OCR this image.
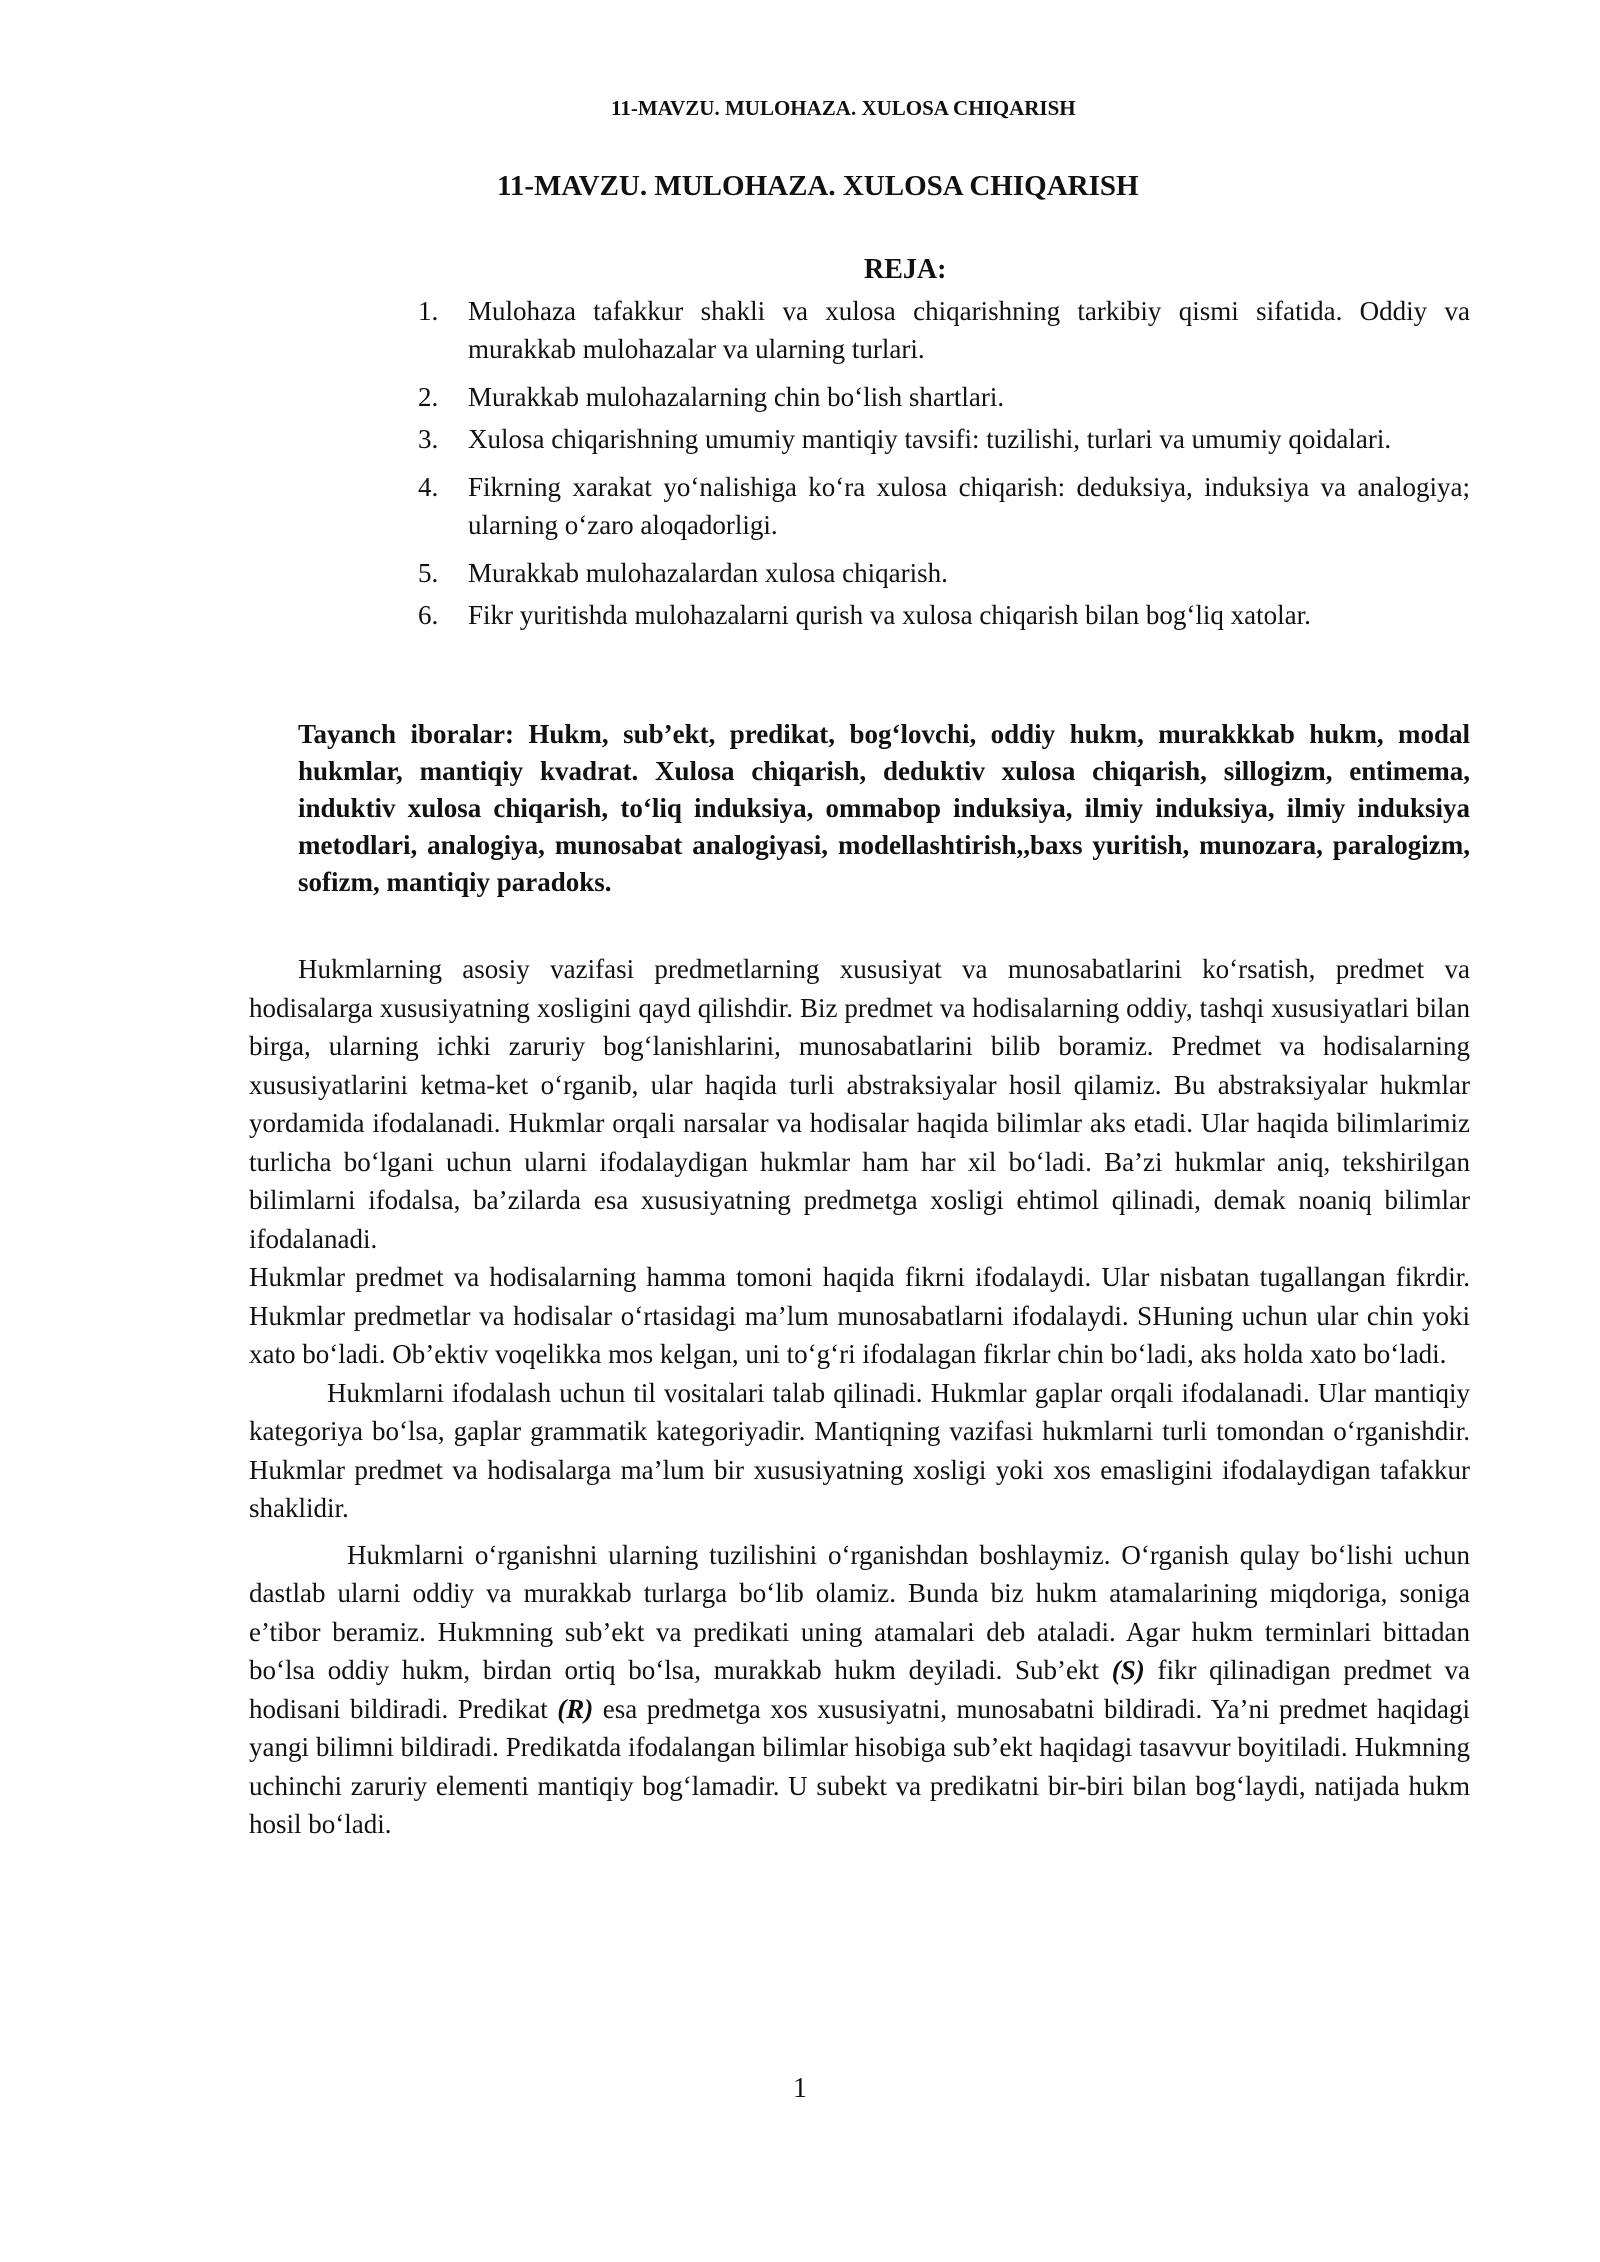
11-MAVZU. MULOHAZA. XULOSA CHIQARISH
11-MAVZU. MULOHAZA. XULOSA CHIQARISH
REJA:
1. Mulohaza tafakkur shakli va xulosa chiqarishning tarkibiy qismi sifatida. Oddiy va murakkab mulohazalar va ularning turlari.
2. Murakkab mulohazalarning chin bo‘lish shartlari.
3. Xulosa chiqarishning umumiy mantiqiy tavsifi: tuzilishi, turlari va umumiy qoidalari.
4. Fikrning xarakat yo‘nalishiga ko‘ra xulosa chiqarish: deduksiya, induksiya va analogiya; ularning o‘zaro aloqadorligi.
5. Murakkab mulohazalardan xulosa chiqarish.
6. Fikr yuritishda mulohazalarni qurish va xulosa chiqarish bilan bog‘liq xatolar.

Tayanch iboralar: Hukm, sub’ekt, predikat, bog‘lovchi, oddiy hukm, murakkkab hukm, modal hukmlar, mantiqiy kvadrat. Xulosa chiqarish, deduktiv xulosa chiqarish, sillogizm, entimema, induktiv xulosa chiqarish, to‘liq induksiya, ommabop induksiya, ilmiy induksiya, ilmiy induksiya metodlari, analogiya, munosabat analogiyasi, modellashtirish,,baxs yuritish, munozara, paralogizm, sofizm, mantiqiy paradoks.

Hukmlarning asosiy vazifasi predmetlarning xususiyat va munosabatlarini ko‘rsatish, predmet va hodisalarga xususiyatning xosligini qayd qilishdir. Biz predmet va hodisalarning oddiy, tashqi xususiyatlari bilan birga, ularning ichki zaruriy bog‘lanishlarini, munosabatlarini bilib boramiz. Predmet va hodisalarning xususiyatlarini ketma-ket o‘rganib, ular haqida turli abstraksiyalar hosil qilamiz. Bu abstraksiyalar hukmlar yordamida ifodalanadi. Hukmlar orqali narsalar va hodisalar haqida bilimlar aks etadi. Ular haqida bilimlarimiz turlicha bo‘lgani uchun ularni ifodalaydigan hukmlar ham har xil bo‘ladi. Ba’zi hukmlar aniq, tekshirilgan bilimlarni ifodalsa, ba’zilarda esa xususiyatning predmetga xosligi ehtimol qilinadi, demak noaniq bilimlar ifodalanadi.

Hukmlar predmet va hodisalarning hamma tomoni haqida fikrni ifodalaydi. Ular nisbatan tugallangan fikrdir. Hukmlar predmetlar va hodisalar o‘rtasidagi ma’lum munosabatlarni ifodalaydi. SHuning uchun ular chin yoki xato bo‘ladi. Ob’ektiv voqelikka mos kelgan, uni to‘g‘ri ifodalagan fikrlar chin bo‘ladi, aks holda xato bo‘ladi.

Hukmlarni ifodalash uchun til vositalari talab qilinadi. Hukmlar gaplar orqali ifodalanadi. Ular mantiqiy kategoriya bo‘lsa, gaplar grammatik kategoriyadir. Mantiqning vazifasi hukmlarni turli tomondan o‘rganishdir. Hukmlar predmet va hodisalarga ma’lum bir xususiyatning xosligi yoki xos emasligini ifodalaydigan tafakkur shaklidir.

Hukmlarni o‘rganishni ularning tuzilishini o‘rganishdan boshlaymiz. O‘rganish qulay bo‘lishi uchun dastlab ularni oddiy va murakkab turlarga bo‘lib olamiz. Bunda biz hukm atamalarining miqdoriga, soniga e’tibor beramiz. Hukmning sub’ekt va predikati uning atamalari deb ataladi. Agar hukm terminlari bittadan bo‘lsa oddiy hukm, birdan ortiq bo‘lsa, murakkab hukm deyiladi. Sub’ekt (S) fikr qilinadigan predmet va hodisani bildiradi. Predikat (R) esa predmetga xos xususiyatni, munosabatni bildiradi. Ya’ni predmet haqidagi yangi bilimni bildiradi. Predikatda ifodalangan bilimlar hisobiga sub’ekt haqidagi tasavvur boyitiladi. Hukmning uchinchi zaruriy elementi mantiqiy bog‘lamadir. U subekt va predikatni bir-biri bilan bog‘laydi, natijada hukm hosil bo‘ladi.

1
